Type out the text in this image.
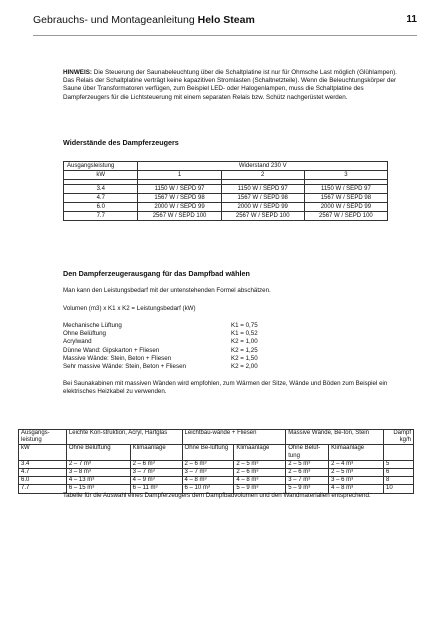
Gebrauchs- und Montageanleitung Helo Steam	11
HINWEIS: Die Steuerung der Saunabeleuchtung über die Schaltplatine ist nur für Ohmsche Last möglich (Glühlampen). Das Relais der Schaltplatine verträgt keine kapazitiven Stromlasten (Schaltnetzteile). Wenn die Beleuchtungskörper der Saune über Transformatoren verfügen, zum Beispiel LED- oder Halogenlampen, muss die Schaltplatine des Dampferzeugers für die Lichtsteuerung mit einem separaten Relais bzw. Schütz nachgerüstet werden.
Widerstände des Dampferzeugers
Ausgangsleistung	Widerstand 230 V		
kW	1	2	3

3.4	1150 W / SEPD 97	1150 W / SEPD 97	1150 W / SEPD 97
4.7	1567 W / SEPD 98	1567 W / SEPD 98	1567 W / SEPD 98
6.0	2000 W / SEPD 99	2000 W / SEPD 99	2000 W / SEPD 99
7.7	2567 W / SEPD 100	2567 W / SEPD 100	2567 W / SEPD 100
Den Dampferzeugerausgang für das Dampfbad wählen
Man kann den Leistungsbedarf mit der untenstehenden Formel abschätzen.
Volumen (m3) x K1 x K2 = Leistungsbedarf (kW)
Mechanische Lüftung	K1 = 0,75
Ohne Belüftung	K1 = 0,52
Acrylwand	K2 = 1,00
Dünne Wand: Gipskarton + Fliesen	K2 = 1,25
Massive Wände: Stein, Beton + Fliesen	K2 = 1,50
Sehr massive Wände: Stein, Beton + Fliesen	K2 = 2,00
Bei Saunakabinen mit massiven Wänden wird empfohlen, zum Wärmen der Sitze, Wände und Böden zum Beispiel ein elektrisches Heizkabel zu verwenden.
Ausgangs-leistung	Leichte Kon-struktion, Acryl, Hartglas		Leichtbau-wände + Fliesen		Massive Wände, Be-ton, Stein		Dampf kg/h
kW	Ohne Belüftung	Klimaanlage	Ohne Be-lüftung	Klimaanlage	Ohne Belüf-tung	Klimaanlage	
3.4	2 – 7 m³	2 – 6 m³	2 – 6 m³	2 – 5 m³	2 – 5 m³	2 – 4 m³	5
4.7	3 – 8 m³	3 – 7 m³	3 – 7 m³	2 – 6 m³	2 – 6 m³	2 – 5 m³	6
6.0	4 – 13 m³	4 – 9 m³	4 – 8 m³	4 – 8 m³	3 – 7 m³	3 – 6 m³	8
7.7	6 – 15 m³	6 – 11 m³	6 – 10 m³	5 – 9 m³	5 – 9 m³	4 – 8 m³	10
Tabelle für die Auswahl eines Dampferzeugers dem Dampfbadvolumen und den Wandmaterialien entsprechend.
